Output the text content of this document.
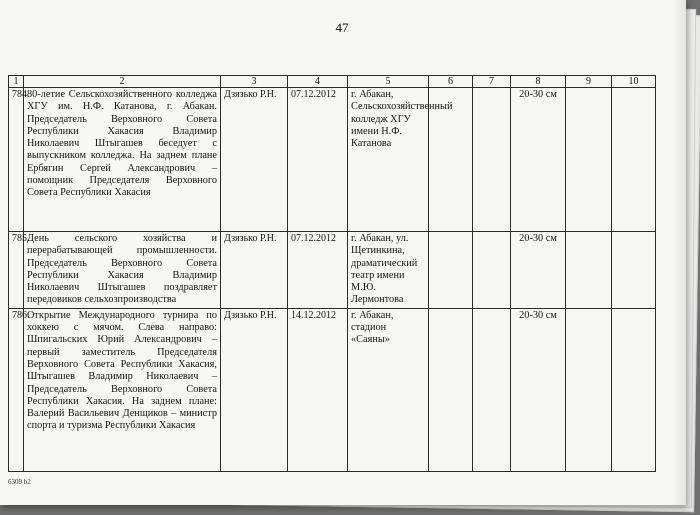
47
1	2	3	4	5	6	7	8	9	10
784.	80-летие Сельскохозяйственного колледжа ХГУ им. Н.Ф. Катанова, г. Абакан. Председатель Верховного Совета Республики Хакасия Владимир Николаевич Штыгашев беседует с выпускником колледжа. На заднем плане Ербягин Сергей Александрович – помощник Председателя Верховного Совета Республики Хакасия	Дзязько Р.Н.	07.12.2012	г. Абакан, Сельскохозяйственный колледж ХГУ имени Н.Ф. Катанова			20-30 см		
785.	День сельского хозяйства и перерабатывающей промышленности. Председатель Верховного Совета Республики Хакасия Владимир Николаевич Штыгашев поздравляет передовиков сельхозпроизводства	Дзязько Р.Н.	07.12.2012	г. Абакан, ул. Щетинкина, драматический театр имени М.Ю. Лермонтова			20-30 см		
786.	Открытие Международного турнира по хоккею с мячом. Слева направо: Шпигальских Юрий Александрович – первый заместитель Председателя Верховного Совета Республики Хакасия, Штыгашев Владимир Николаевич – Председатель Верховного Совета Республики Хакасия. На заднем плане: Валерий Васильевич Денщиков – министр спорта и туризма Республики Хакасия	Дзязько Р.Н.	14.12.2012	г. Абакан, стадион «Саяны»			20-30 см		
6309 b2
